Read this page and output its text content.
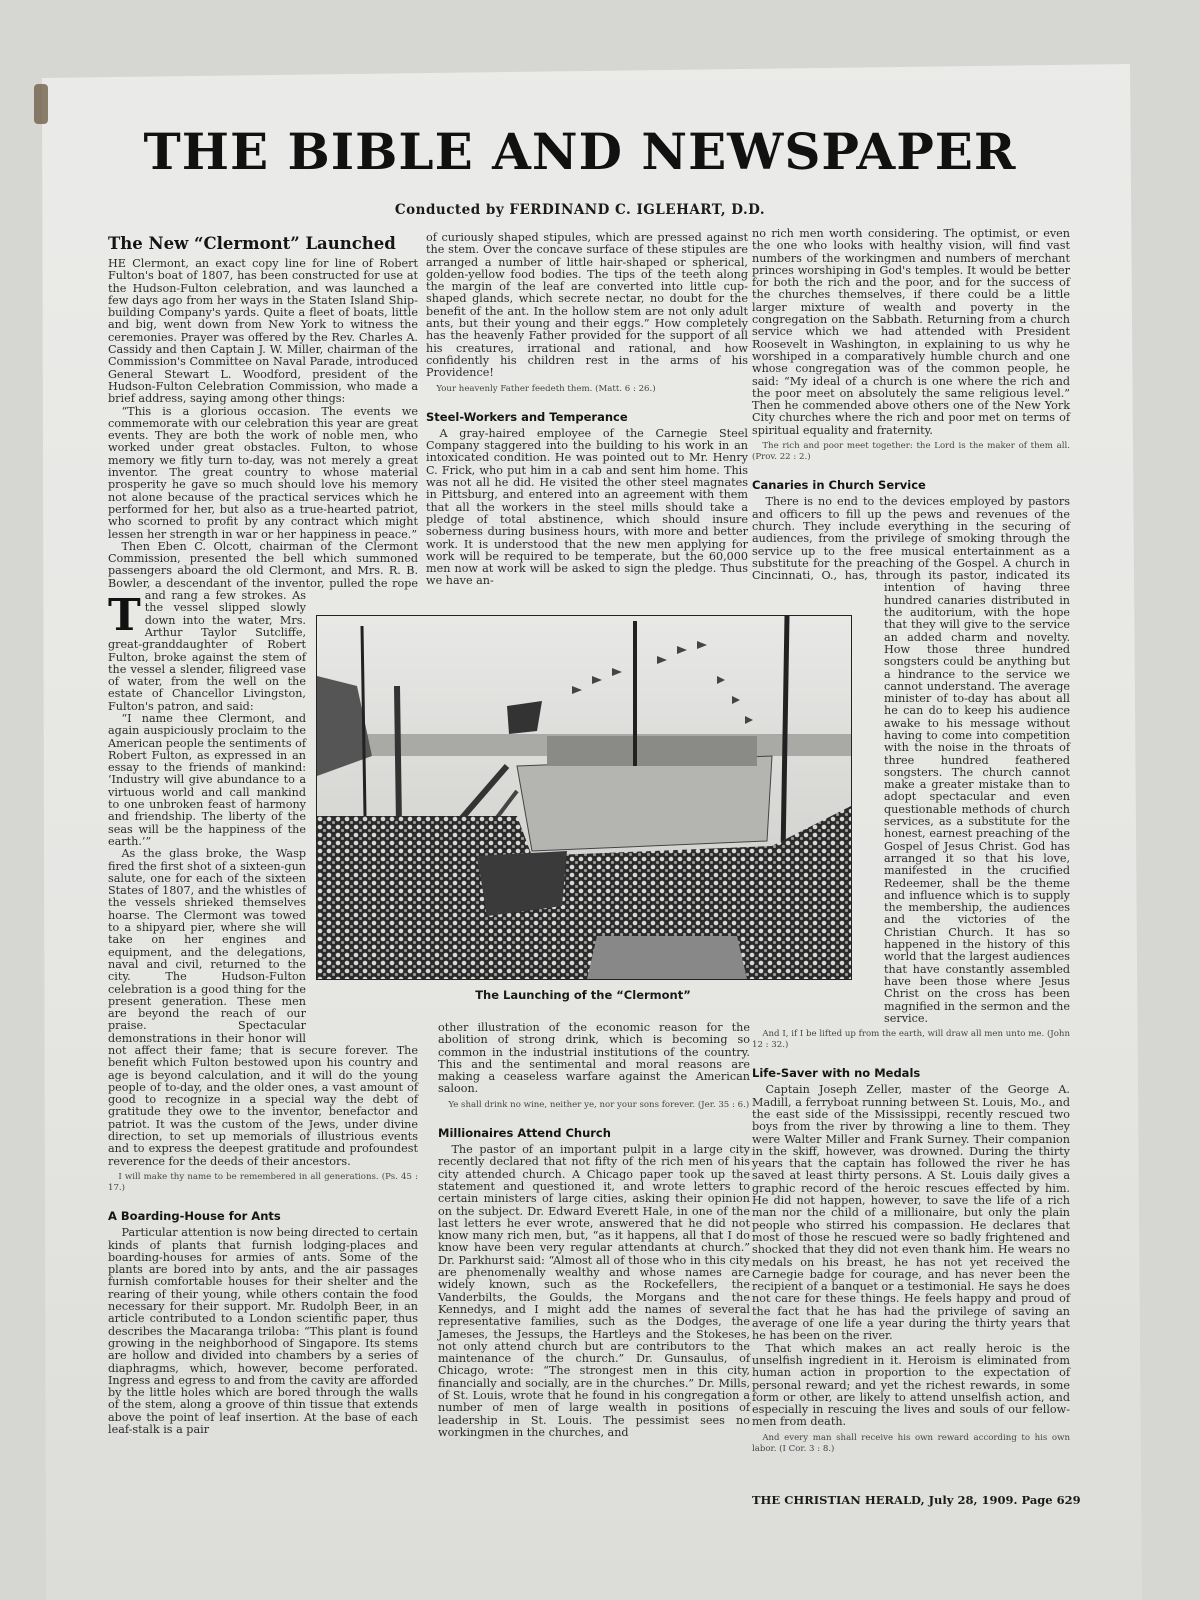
THE BIBLE AND NEWSPAPER
Conducted by FERDINAND C. IGLEHART, D.D.
The New “Clermont” Launched

T
HE Clermont, an exact copy line for line of Robert Fulton's boat of 1807, has been constructed for use at the Hudson-Fulton celebration, and was launched a few days ago from her ways in the Staten Island Ship-building Company's yards. Quite a fleet of boats, little and big, went down from New York to witness the ceremonies. Prayer was offered by the Rev. Charles A. Cassidy and then Captain J. W. Miller, chairman of the Commission's Committee on Naval Parade, introduced General Stewart L. Woodford, president of the Hudson-Fulton Celebration Commission, who made a brief address, saying among other things:

“This is a glorious occasion. The events we commemorate with our celebration this year are great events. They are both the work of noble men, who worked under great obstacles. Fulton, to whose memory we fitly turn to-day, was not merely a great inventor. The great country to whose material prosperity he gave so much should love his memory not alone because of the practical services which he performed for her, but also as a true-hearted patriot, who scorned to profit by any contract which might lessen her strength in war or her happiness in peace.”

Then Eben C. Olcott, chairman of the Clermont Commission, presented the bell which summoned passengers aboard the old Clermont, and Mrs. R. B. Bowler, a descendant of the inventor, pulled the rope and rang a few strokes. As the vessel slipped slowly down into the water, Mrs. Arthur Taylor Sutcliffe, great-granddaughter of Robert Fulton, broke against the stem of the vessel a slender, filigreed vase of water, from the well on the estate of Chancellor Livingston, Fulton's patron, and said:

“I name thee Clermont, and again auspiciously proclaim to the American people the sentiments of Robert Fulton, as expressed in an essay to the friends of mankind: ‘Industry will give abundance to a virtuous world and call mankind to one unbroken feast of harmony and friendship. The liberty of the seas will be the happiness of the earth.’”

As the glass broke, the Wasp fired the first shot of a sixteen-gun salute, one for each of the sixteen States of 1807, and the whistles of the vessels shrieked themselves hoarse. The Clermont was towed to a shipyard pier, where she will take on her engines and equipment, and the delegations, naval and civil, returned to the city. The Hudson-Fulton celebration is a good thing for the present generation. These men are beyond the reach of our praise. Spectacular demonstrations in their honor will not affect their fame; that is secure forever. The benefit which Fulton bestowed upon his country and age is beyond calculation, and it will do the young people of to-day, and the older ones, a vast amount of good to recognize in a special way the debt of gratitude they owe to the inventor, benefactor and patriot. It was the custom of the Jews, under divine direction, to set up memorials of illustrious events and to express the deepest gratitude and profoundest reverence for the deeds of their ancestors.

I will make thy name to be remembered in all generations. (Ps. 45 : 17.)

A Boarding-House for Ants

Particular attention is now being directed to certain kinds of plants that furnish lodging-places and boarding-houses for armies of ants. Some of the plants are bored into by ants, and the air passages furnish comfortable houses for their shelter and the rearing of their young, while others contain the food necessary for their support. Mr. Rudolph Beer, in an article contributed to a London scientific paper, thus describes the Macaranga triloba: “This plant is found growing in the neighborhood of Singapore. Its stems are hollow and divided into chambers by a series of diaphragms, which, however, become perforated. Ingress and egress to and from the cavity are afforded by the little holes which are bored through the walls of the stem, along a groove of thin tissue that extends above the point of leaf insertion. At the base of each leaf-stalk is a pair

of curiously shaped stipules, which are pressed against the stem. Over the concave surface of these stipules are arranged a number of little hair-shaped or spherical, golden-yellow food bodies. The tips of the teeth along the margin of the leaf are converted into little cup-shaped glands, which secrete nectar, no doubt for the benefit of the ant. In the hollow stem are not only adult ants, but their young and their eggs.” How completely has the heavenly Father provided for the support of all his creatures, irrational and rational, and how confidently his children rest in the arms of his Providence!

Your heavenly Father feedeth them. (Matt. 6 : 26.)

Steel-Workers and Temperance

A gray-haired employee of the Carnegie Steel Company staggered into the building to his work in an intoxicated condition. He was pointed out to Mr. Henry C. Frick, who put him in a cab and sent him home. This was not all he did. He visited the other steel magnates in Pittsburg, and entered into an agreement with them that all the workers in the steel mills should take a pledge of total abstinence, which should insure soberness during business hours, with more and better work. It is understood that the new men applying for work will be required to be temperate, but the 60,000 men now at work will be asked to sign the pledge. Thus we have an-

The Launching of the “Clermont”

other illustration of the economic reason for the abolition of strong drink, which is becoming so common in the industrial institutions of the country. This and the sentimental and moral reasons are making a ceaseless warfare against the American saloon.

Ye shall drink no wine, neither ye, nor your sons forever. (Jer. 35 : 6.)

Millionaires Attend Church

The pastor of an important pulpit in a large city recently declared that not fifty of the rich men of his city attended church. A Chicago paper took up the statement and questioned it, and wrote letters to certain ministers of large cities, asking their opinion on the subject. Dr. Edward Everett Hale, in one of the last letters he ever wrote, answered that he did not know many rich men, but, “as it happens, all that I do know have been very regular attendants at church.” Dr. Parkhurst said: “Almost all of those who in this city are phenomenally wealthy and whose names are widely known, such as the Rockefellers, the Vanderbilts, the Goulds, the Morgans and the Kennedys, and I might add the names of several representative families, such as the Dodges, the Jameses, the Jessups, the Hartleys and the Stokeses, not only attend church but are contributors to the maintenance of the church.” Dr. Gunsaulus, of Chicago, wrote: “The strongest men in this city, financially and socially, are in the churches.” Dr. Mills, of St. Louis, wrote that he found in his congregation a number of men of large wealth in positions of leadership in St. Louis. The pessimist sees no workingmen in the churches, and

no rich men worth considering. The optimist, or even the one who looks with healthy vision, will find vast numbers of the workingmen and numbers of merchant princes worshiping in God's temples. It would be better for both the rich and the poor, and for the success of the churches themselves, if there could be a little larger mixture of wealth and poverty in the congregation on the Sabbath. Returning from a church service which we had attended with President Roosevelt in Washington, in explaining to us why he worshiped in a comparatively humble church and one whose congregation was of the common people, he said: “My ideal of a church is one where the rich and the poor meet on absolutely the same religious level.” Then he commended above others one of the New York City churches where the rich and poor met on terms of spiritual equality and fraternity.

The rich and poor meet together: the Lord is the maker of them all. (Prov. 22 : 2.)

Canaries in Church Service

There is no end to the devices employed by pastors and officers to fill up the pews and revenues of the church. They include everything in the securing of audiences, from the privilege of smoking through the service up to the free musical entertainment as a substitute for the preaching of the Gospel. A church in Cincinnati, O., has, through its pastor, indicated its intention of having three hundred canaries distributed in the auditorium, with the hope that they will give to the service an added charm and novelty. How those three hundred songsters could be anything but a hindrance to the service we cannot understand. The average minister of to-day has about all he can do to keep his audience awake to his message without having to come into competition with the noise in the throats of three hundred feathered songsters. The church cannot make a greater mistake than to adopt spectacular and even questionable methods of church services, as a substitute for the honest, earnest preaching of the Gospel of Jesus Christ. God has arranged it so that his love, manifested in the crucified Redeemer, shall be the theme and influence which is to supply the membership, the audiences and the victories of the Christian Church. It has so happened in the history of this world that the largest audiences that have constantly assembled have been those where Jesus Christ on the cross has been magnified in the sermon and the service.

And I, if I be lifted up from the earth, will draw all men unto me. (John 12 : 32.)

Life-Saver with no Medals

Captain Joseph Zeller, master of the George A. Madill, a ferryboat running between St. Louis, Mo., and the east side of the Mississippi, recently rescued two boys from the river by throwing a line to them. They were Walter Miller and Frank Surney. Their companion in the skiff, however, was drowned. During the thirty years that the captain has followed the river he has saved at least thirty persons. A St. Louis daily gives a graphic record of the heroic rescues effected by him. He did not happen, however, to save the life of a rich man nor the child of a millionaire, but only the plain people who stirred his compassion. He declares that most of those he rescued were so badly frightened and shocked that they did not even thank him. He wears no medals on his breast, he has not yet received the Carnegie badge for courage, and has never been the recipient of a banquet or a testimonial. He says he does not care for these things. He feels happy and proud of the fact that he has had the privilege of saving an average of one life a year during the thirty years that he has been on the river.

That which makes an act really heroic is the unselfish ingredient in it. Heroism is eliminated from human action in proportion to the expectation of personal reward; and yet the richest rewards, in some form or other, are likely to attend unselfish action, and especially in rescuing the lives and souls of our fellow-men from death.

And every man shall receive his own reward according to his own labor. (I Cor. 3 : 8.)

THE CHRISTIAN HERALD, July 28, 1909. Page 629
